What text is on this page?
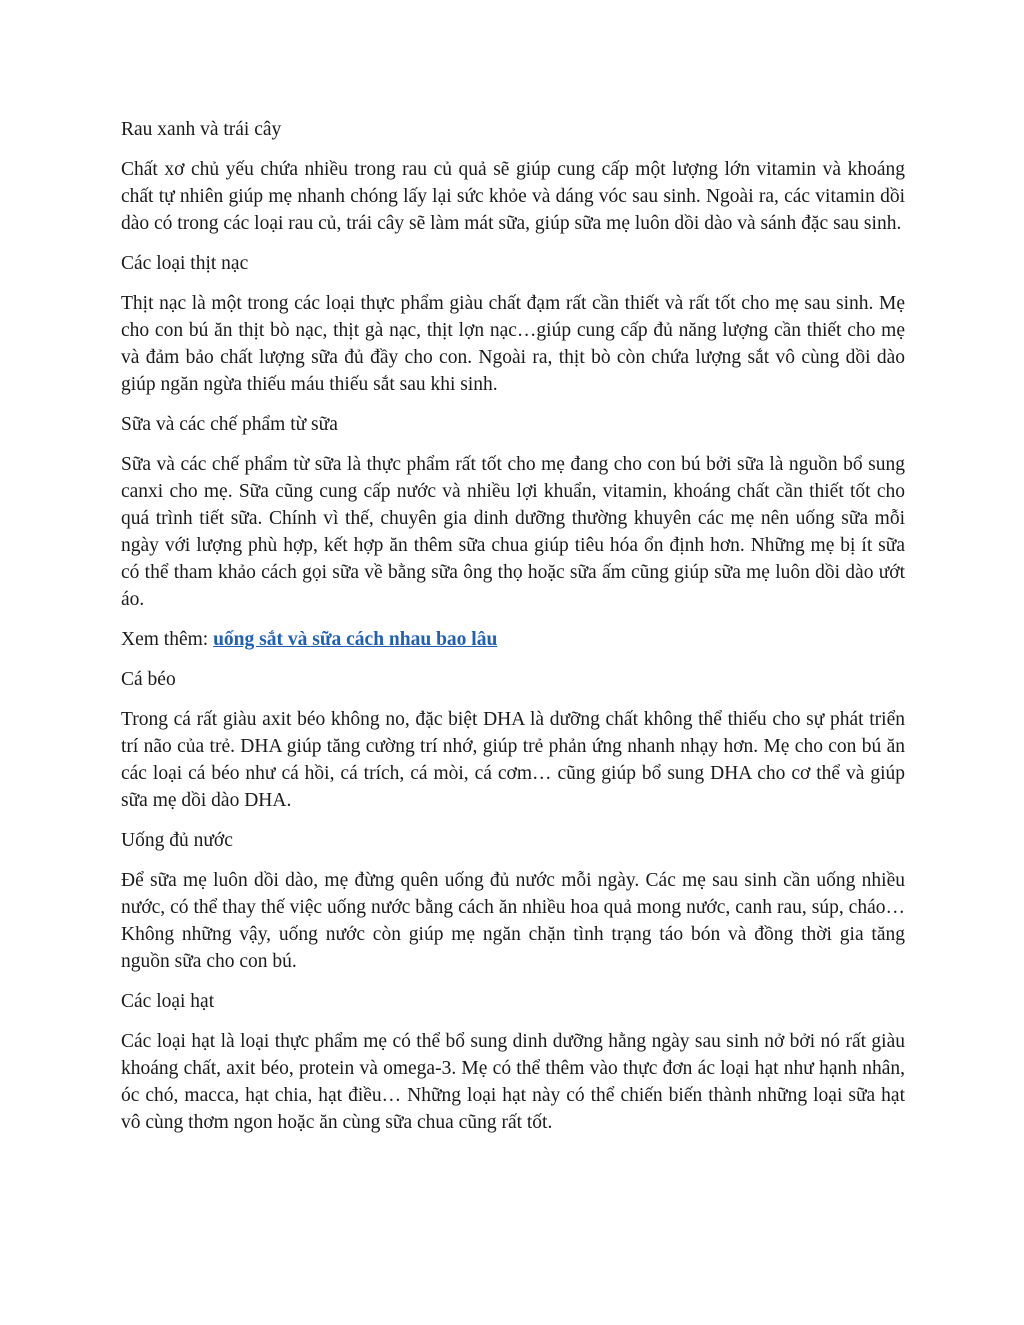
Rau xanh và trái cây

Chất xơ chủ yếu chứa nhiều trong rau củ quả sẽ giúp cung cấp một lượng lớn vitamin và khoáng chất tự nhiên giúp mẹ nhanh chóng lấy lại sức khỏe và dáng vóc sau sinh. Ngoài ra, các vitamin dồi dào có trong các loại rau củ, trái cây sẽ làm mát sữa, giúp sữa mẹ luôn dồi dào và sánh đặc sau sinh.

Các loại thịt nạc

Thịt nạc là một trong các loại thực phẩm giàu chất đạm rất cần thiết và rất tốt cho mẹ sau sinh. Mẹ cho con bú ăn thịt bò nạc, thịt gà nạc, thịt lợn nạc…giúp cung cấp đủ năng lượng cần thiết cho mẹ và đảm bảo chất lượng sữa đủ đầy cho con. Ngoài ra, thịt bò còn chứa lượng sắt vô cùng dồi dào giúp ngăn ngừa thiếu máu thiếu sắt sau khi sinh.

Sữa và các chế phẩm từ sữa

Sữa và các chế phẩm từ sữa là thực phẩm rất tốt cho mẹ đang cho con bú bởi sữa là nguồn bổ sung canxi cho mẹ. Sữa cũng cung cấp nước và nhiều lợi khuẩn, vitamin, khoáng chất cần thiết tốt cho quá trình tiết sữa. Chính vì thế, chuyên gia dinh dưỡng thường khuyên các mẹ nên uống sữa mỗi ngày với lượng phù hợp, kết hợp ăn thêm sữa chua giúp tiêu hóa ổn định hơn. Những mẹ bị ít sữa có thể tham khảo cách gọi sữa về bằng sữa ông thọ hoặc sữa ấm cũng giúp sữa mẹ luôn dồi dào ướt áo.

Xem thêm: uống sắt và sữa cách nhau bao lâu

Cá béo

Trong cá rất giàu axit béo không no, đặc biệt DHA là dưỡng chất không thể thiếu cho sự phát triển trí não của trẻ. DHA giúp tăng cường trí nhớ, giúp trẻ phản ứng nhanh nhạy hơn. Mẹ cho con bú ăn các loại cá béo như cá hồi, cá trích, cá mòi, cá cơm… cũng giúp bổ sung DHA cho cơ thể và giúp sữa mẹ dồi dào DHA.

Uống đủ nước

Để sữa mẹ luôn dồi dào, mẹ đừng quên uống đủ nước mỗi ngày. Các mẹ sau sinh cần uống nhiều nước, có thể thay thế việc uống nước bằng cách ăn nhiều hoa quả mong nước, canh rau, súp, cháo… Không những vậy, uống nước còn giúp mẹ ngăn chặn tình trạng táo bón và đồng thời gia tăng nguồn sữa cho con bú.

Các loại hạt

Các loại hạt là loại thực phẩm mẹ có thể bổ sung dinh dưỡng hằng ngày sau sinh nở bởi nó rất giàu khoáng chất, axit béo, protein và omega-3. Mẹ có thể thêm vào thực đơn ác loại hạt như hạnh nhân, óc chó, macca, hạt chia, hạt điều… Những loại hạt này có thể chiến biến thành những loại sữa hạt vô cùng thơm ngon hoặc ăn cùng sữa chua cũng rất tốt.
